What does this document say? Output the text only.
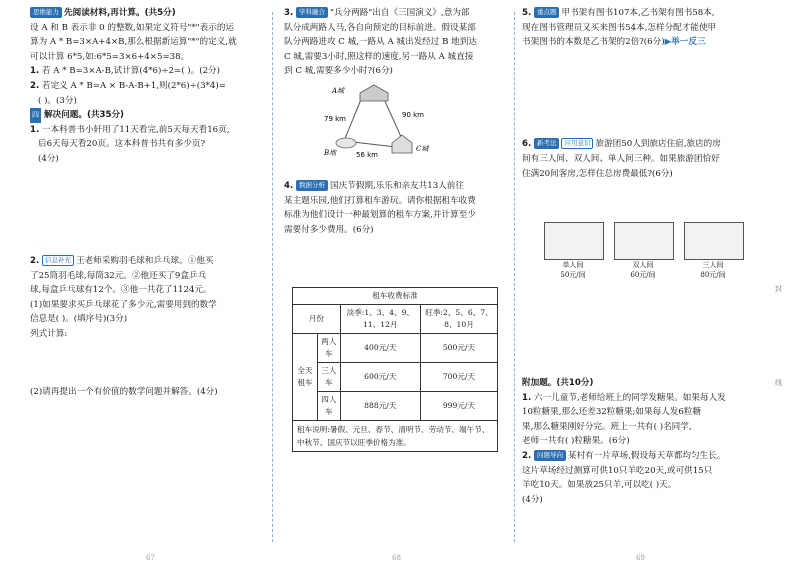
思维能力 先阅读材料,再计算。(共5分)

设 A 和 B 表示非 0 的整数,如果定义符号"*"表示的运

算为 A * B=3×A+4×B,那么根据新运算"*"的定义,就

可以计算 6*5,如:6*5=3×6+4×5=38。

1. 若 A * B=3×A-B,试计算(4*6)÷2=( )。(2分)

2. 若定义 A * B=A × B-A-B+1,则(2*6)÷(3*4)=

( )。(3分)

四 解决问题。(共35分)

1. 一本科普书小轩用了11天看完,前5天每天看16页,

后6天每天看20页。这本科普书共有多少页?

(4分)

2. 信息补充 王老师采购羽毛球和乒乓球。①他买

了25筒羽毛球,每筒32元。②他还买了9盒乒乓

球,每盒乒乓球有12个。③他一共花了1124元。

(1)如果要求买乒乓球花了多少元,需要用到的数学

信息是( )。(填序号)(3分)

列式计算:

(2)请再提出一个有价值的数学问题并解答。(4分)

67

3. 学科融合 "兵分两路"出自《三国演义》,意为部

队分成两路人马,各自向预定的目标前进。假设某部

队分两路进攻 C 城,一路从 A 城出发经过 B 地到达

C 城,需要3小时,照这样的速度,另一路从 A 城直接

到 C 城,需要多少小时?(6分)

A城
B地	C城
79 km	90 km
56 km

4. 数据分析 国庆节假期,乐乐和亲友共13人前往

某主题乐园,他们打算租车游玩。请你根据租车收费

标准为他们设计一种最划算的租车方案,并计算至少

需要付多少费用。(6分)

租车收费标准			
月份		淡季:1、3、4、9、11、12月	旺季:2、5、6、7、8、10月
全天租车	两人车	400元/天	500元/天
	三人车	600元/天	700元/天
	四人车	888元/天	999元/天
租车说明:暑假、元旦、春节、清明节、劳动节、端午节、中秋节、国庆节以旺季价格为准。
68

5. 重点题 甲书架有图书107本,乙书架有图书58本,

现在图书管理员又买来图书54本,怎样分配才能使甲

书架图书的本数是乙书架的2倍?(6分)▶举一反三

6. 新考法 应用意识 旅游团50人到旅店住宿,旅店的房

间有三人间、双人间、单人间三种。如果旅游团恰好

住满20间客房,怎样住总房费最低?(6分)

单人间
50元/间
双人间
60元/间
三人间
80元/间

附加题。(共10分)

1. 六一儿童节,老师给班上的同学发糖果。如果每人发

10粒糖果,那么还差32粒糖果;如果每人发6粒糖

果,那么糖果刚好分完。班上一共有( )名同学,

老师一共有( )粒糖果。(6分)

2. 问题导向 某村有一片草场,假设每天草都均匀生长。

这片草场经过测算可供10只羊吃20天,或可供15只

羊吃10天。如果放25只羊,可以吃( )天。

(4分)

69
封
线
